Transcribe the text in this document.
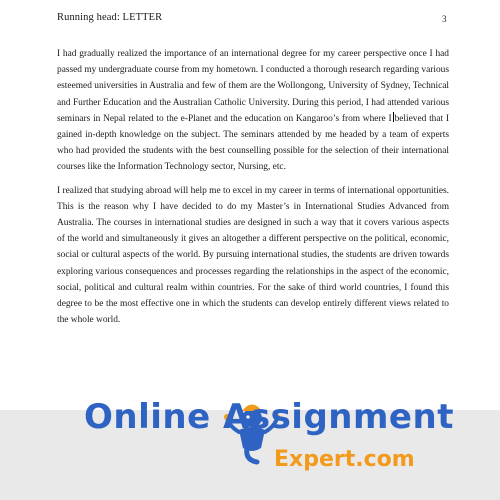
Running head: LETTER	3

I had gradually realized the importance of an international degree for my career perspective once I had passed my undergraduate course from my hometown. I conducted a thorough research regarding various esteemed universities in Australia and few of them are the Wollongong, University of Sydney, Technical and Further Education and the Australian Catholic University. During this period, I had attended various seminars in Nepal related to the e-Planet and the education on Kangaroo’s from where I believed that I gained in-depth knowledge on the subject. The seminars attended by me headed by a team of experts who had provided the students with the best counselling possible for the selection of their international courses like the Information Technology sector, Nursing, etc.

I realized that studying abroad will help me to excel in my career in terms of international opportunities. This is the reason why I have decided to do my Master’s in International Studies Advanced from Australia. The courses in international studies are designed in such a way that it covers various aspects of the world and simultaneously it gives an altogether a different perspective on the political, economic, social or cultural aspects of the world. By pursuing international studies, the students are driven towards exploring various consequences and processes regarding the relationships in the aspect of the economic, social, political and cultural realm within countries. For the sake of third world countries, I found this degree to be the most effective one in which the students can develop entirely different views related to the whole world.

Online Assignment
Expert.com
